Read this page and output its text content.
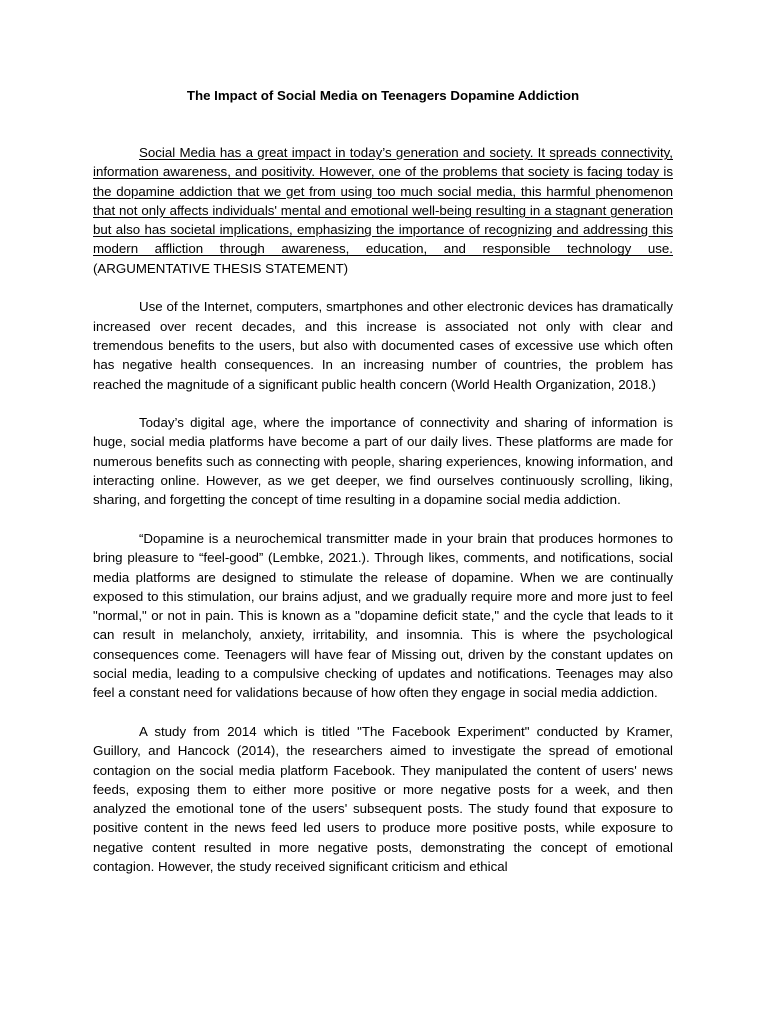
The Impact of Social Media on Teenagers Dopamine Addiction

Social Media has a great impact in today’s generation and society. It spreads connectivity, information awareness, and positivity. However, one of the problems that society is facing today is the dopamine addiction that we get from using too much social media, this harmful phenomenon that not only affects individuals' mental and emotional well-being resulting in a stagnant generation but also has societal implications, emphasizing the importance of recognizing and addressing this modern affliction through awareness, education, and responsible technology use.  (ARGUMENTATIVE THESIS STATEMENT)

Use of the Internet, computers, smartphones and other electronic devices has dramatically increased over recent decades, and this increase is associated not only with clear and tremendous benefits to the users, but also with documented cases of excessive use which often has negative health consequences. In an increasing number of countries, the problem has reached the magnitude of a significant public health concern (World Health Organization, 2018.)

Today’s digital age, where the importance of connectivity and sharing of information is huge, social media platforms have become a part of our daily lives. These platforms are made for numerous benefits such as connecting with people, sharing experiences, knowing information, and interacting online. However, as we get deeper, we find ourselves continuously scrolling, liking, sharing, and forgetting the concept of time resulting in a dopamine social media addiction.

“Dopamine is a neurochemical transmitter made in your brain that produces hormones to bring pleasure to “feel-good” (Lembke, 2021.). Through likes, comments, and notifications, social media platforms are designed to stimulate the release of dopamine. When we are continually exposed to this stimulation, our brains adjust, and we gradually require more and more just to feel "normal," or not in pain. This is known as a "dopamine deficit state," and the cycle that leads to it can result in melancholy, anxiety, irritability, and insomnia. This is where the psychological consequences come. Teenagers will have fear of Missing out, driven by the constant updates on social media, leading to a compulsive checking of updates and notifications. Teenages may also feel a constant need for validations because of how often they engage in social media addiction.

A study from 2014 which is titled "The Facebook Experiment" conducted by Kramer, Guillory, and Hancock (2014), the researchers aimed to investigate the spread of emotional contagion on the social media platform Facebook. They manipulated the content of users' news feeds, exposing them to either more positive or more negative posts for a week, and then analyzed the emotional tone of the users' subsequent posts. The study found that exposure to positive content in the news feed led users to produce more positive posts, while exposure to negative content resulted in more negative posts, demonstrating the concept of emotional contagion. However, the study received significant criticism and ethical
